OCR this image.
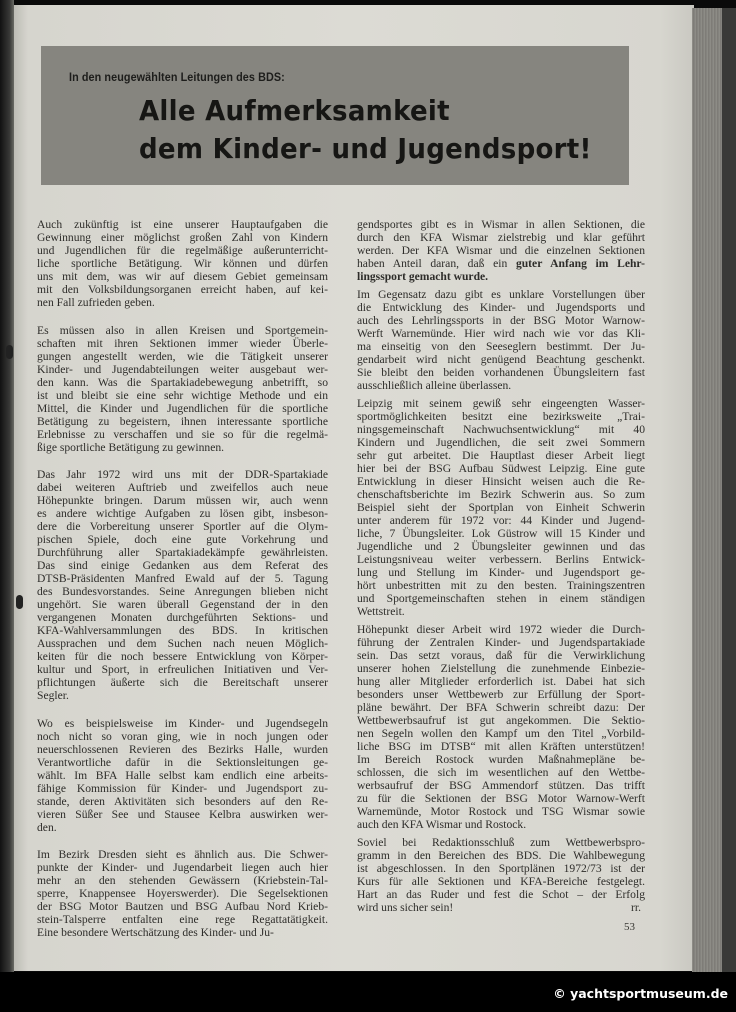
In den neugewählten Leitungen des BDS:
Alle Aufmerksamkeit
dem Kinder- und Jugendsport!
Auch zukünftig ist eine unserer Hauptaufgaben die
Gewinnung einer möglichst großen Zahl von Kindern
und Jugendlichen für die regelmäßige außerunterricht-
liche sportliche Betätigung. Wir können und dürfen
uns mit dem, was wir auf diesem Gebiet gemeinsam
mit den Volksbildungsorganen erreicht haben, auf kei-
nen Fall zufrieden geben.
Es müssen also in allen Kreisen und Sportgemein-
schaften mit ihren Sektionen immer wieder Überle-
gungen angestellt werden, wie die Tätigkeit unserer
Kinder- und Jugendabteilungen weiter ausgebaut wer-
den kann. Was die Spartakiadebewegung anbetrifft, so
ist und bleibt sie eine sehr wichtige Methode und ein
Mittel, die Kinder und Jugendlichen für die sportliche
Betätigung zu begeistern, ihnen interessante sportliche
Erlebnisse zu verschaffen und sie so für die regelmä-
ßige sportliche Betätigung zu gewinnen.
Das Jahr 1972 wird uns mit der DDR-Spartakiade
dabei weiteren Auftrieb und zweifellos auch neue
Höhepunkte bringen. Darum müssen wir, auch wenn
es andere wichtige Aufgaben zu lösen gibt, insbeson-
dere die Vorbereitung unserer Sportler auf die Olym-
pischen Spiele, doch eine gute Vorkehrung und
Durchführung aller Spartakiadekämpfe gewährleisten.
Das sind einige Gedanken aus dem Referat des
DTSB-Präsidenten Manfred Ewald auf der 5. Tagung
des Bundesvorstandes. Seine Anregungen blieben nicht
ungehört. Sie waren überall Gegenstand der in den
vergangenen Monaten durchgeführten Sektions- und
KFA-Wahlversammlungen des BDS. In kritischen
Aussprachen und dem Suchen nach neuen Möglich-
keiten für die noch bessere Entwicklung von Körper-
kultur und Sport, in erfreulichen Initiativen und Ver-
pflichtungen äußerte sich die Bereitschaft unserer
Segler.
Wo es beispielsweise im Kinder- und Jugendsegeln
noch nicht so voran ging, wie in noch jungen oder
neuerschlossenen Revieren des Bezirks Halle, wurden
Verantwortliche dafür in die Sektionsleitungen ge-
wählt. Im BFA Halle selbst kam endlich eine arbeits-
fähige Kommission für Kinder- und Jugendsport zu-
stande, deren Aktivitäten sich besonders auf den Re-
vieren Süßer See und Stausee Kelbra auswirken wer-
den.
Im Bezirk Dresden sieht es ähnlich aus. Die Schwer-
punkte der Kinder- und Jugendarbeit liegen auch hier
mehr an den stehenden Gewässern (Kriebstein-Tal-
sperre, Knappensee Hoyerswerder). Die Segelsektionen
der BSG Motor Bautzen und BSG Aufbau Nord Krieb-
stein-Talsperre entfalten eine rege Regattatätigkeit.
Eine besondere Wertschätzung des Kinder- und Ju-
gendsportes gibt es in Wismar in allen Sektionen, die
durch den KFA Wismar zielstrebig und klar geführt
werden. Der KFA Wismar und die einzelnen Sektionen
haben Anteil daran, daß ein guter Anfang im Lehr-
lingssport gemacht wurde.
Im Gegensatz dazu gibt es unklare Vorstellungen über
die Entwicklung des Kinder- und Jugendsports und
auch des Lehrlingssports in der BSG Motor Warnow-
Werft Warnemünde. Hier wird nach wie vor das Kli-
ma einseitig von den Seeseglern bestimmt. Der Ju-
gendarbeit wird nicht genügend Beachtung geschenkt.
Sie bleibt den beiden vorhandenen Übungsleitern fast
ausschließlich alleine überlassen.
Leipzig mit seinem gewiß sehr eingeengten Wasser-
sportmöglichkeiten besitzt eine bezirksweite „Trai-
ningsgemeinschaft Nachwuchsentwicklung“ mit 40
Kindern und Jugendlichen, die seit zwei Sommern
sehr gut arbeitet. Die Hauptlast dieser Arbeit liegt
hier bei der BSG Aufbau Südwest Leipzig. Eine gute
Entwicklung in dieser Hinsicht weisen auch die Re-
chenschaftsberichte im Bezirk Schwerin aus. So zum
Beispiel sieht der Sportplan von Einheit Schwerin
unter anderem für 1972 vor: 44 Kinder und Jugend-
liche, 7 Übungsleiter. Lok Güstrow will 15 Kinder und
Jugendliche und 2 Übungsleiter gewinnen und das
Leistungsniveau weiter verbessern. Berlins Entwick-
lung und Stellung im Kinder- und Jugendsport ge-
hört unbestritten mit zu den besten. Trainingszentren
und Sportgemeinschaften stehen in einem ständigen
Wettstreit.
Höhepunkt dieser Arbeit wird 1972 wieder die Durch-
führung der Zentralen Kinder- und Jugendspartakiade
sein. Das setzt voraus, daß für die Verwirklichung
unserer hohen Zielstellung die zunehmende Einbezie-
hung aller Mitglieder erforderlich ist. Dabei hat sich
besonders unser Wettbewerb zur Erfüllung der Sport-
pläne bewährt. Der BFA Schwerin schreibt dazu: Der
Wettbewerbsaufruf ist gut angekommen. Die Sektio-
nen Segeln wollen den Kampf um den Titel „Vorbild-
liche BSG im DTSB“ mit allen Kräften unterstützen!
Im Bereich Rostock wurden Maßnahmepläne be-
schlossen, die sich im wesentlichen auf den Wettbe-
werbsaufruf der BSG Ammendorf stützen. Das trifft
zu für die Sektionen der BSG Motor Warnow-Werft
Warnemünde, Motor Rostock und TSG Wismar sowie
auch den KFA Wismar und Rostock.
Soviel bei Redaktionsschluß zum Wettbewerbspro-
gramm in den Bereichen des BDS. Die Wahlbewegung
ist abgeschlossen. In den Sportplänen 1972/73 ist der
Kurs für alle Sektionen und KFA-Bereiche festgelegt.
Hart an das Ruder und fest die Schot – der Erfolg
wird uns sicher sein!	rr.
53
© yachtsportmuseum.de
